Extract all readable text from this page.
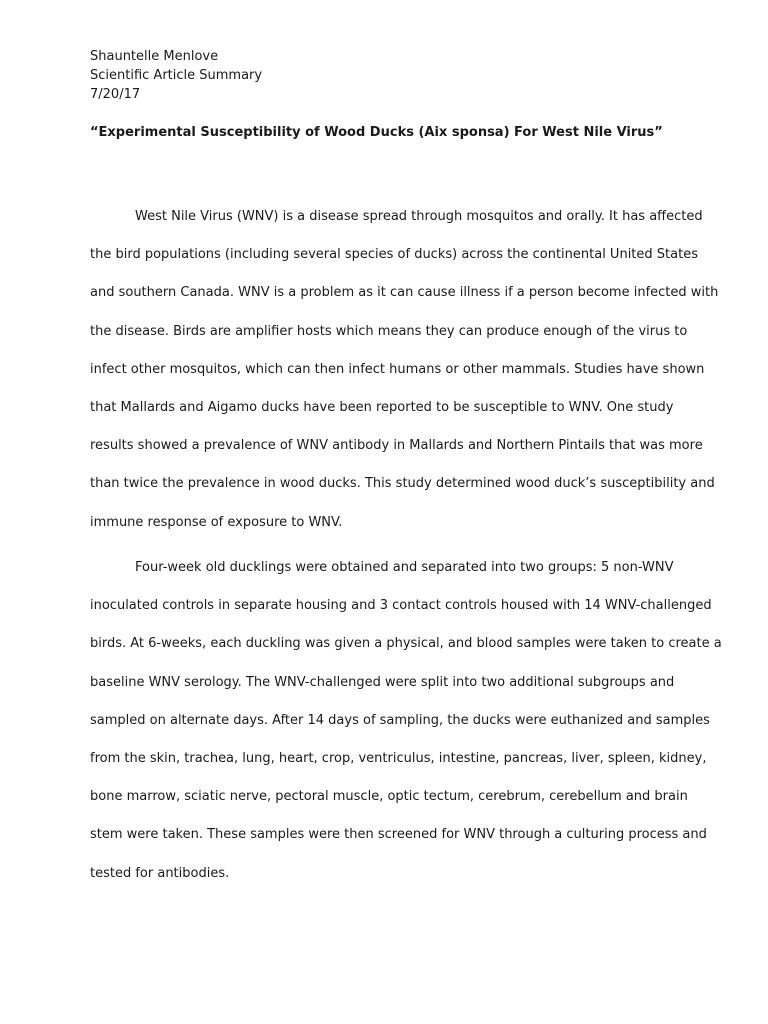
Shauntelle Menlove
Scientific Article Summary
7/20/17
“Experimental Susceptibility of Wood Ducks (Aix sponsa) For West Nile Virus”
West Nile Virus (WNV) is a disease spread through mosquitos and orally. It has affected
the bird populations (including several species of ducks) across the continental United States
and southern Canada. WNV is a problem as it can cause illness if a person become infected with
the disease. Birds are amplifier hosts which means they can produce enough of the virus to
infect other mosquitos, which can then infect humans or other mammals. Studies have shown
that Mallards and Aigamo ducks have been reported to be susceptible to WNV. One study
results showed a prevalence of WNV antibody in Mallards and Northern Pintails that was more
than twice the prevalence in wood ducks. This study determined wood duck’s susceptibility and
immune response of exposure to WNV.
Four-week old ducklings were obtained and separated into two groups: 5 non-WNV
inoculated controls in separate housing and 3 contact controls housed with 14 WNV-challenged
birds. At 6-weeks, each duckling was given a physical, and blood samples were taken to create a
baseline WNV serology. The WNV-challenged were split into two additional subgroups and
sampled on alternate days. After 14 days of sampling, the ducks were euthanized and samples
from the skin, trachea, lung, heart, crop, ventriculus, intestine, pancreas, liver, spleen, kidney,
bone marrow, sciatic nerve, pectoral muscle, optic tectum, cerebrum, cerebellum and brain
stem were taken. These samples were then screened for WNV through a culturing process and
tested for antibodies.
